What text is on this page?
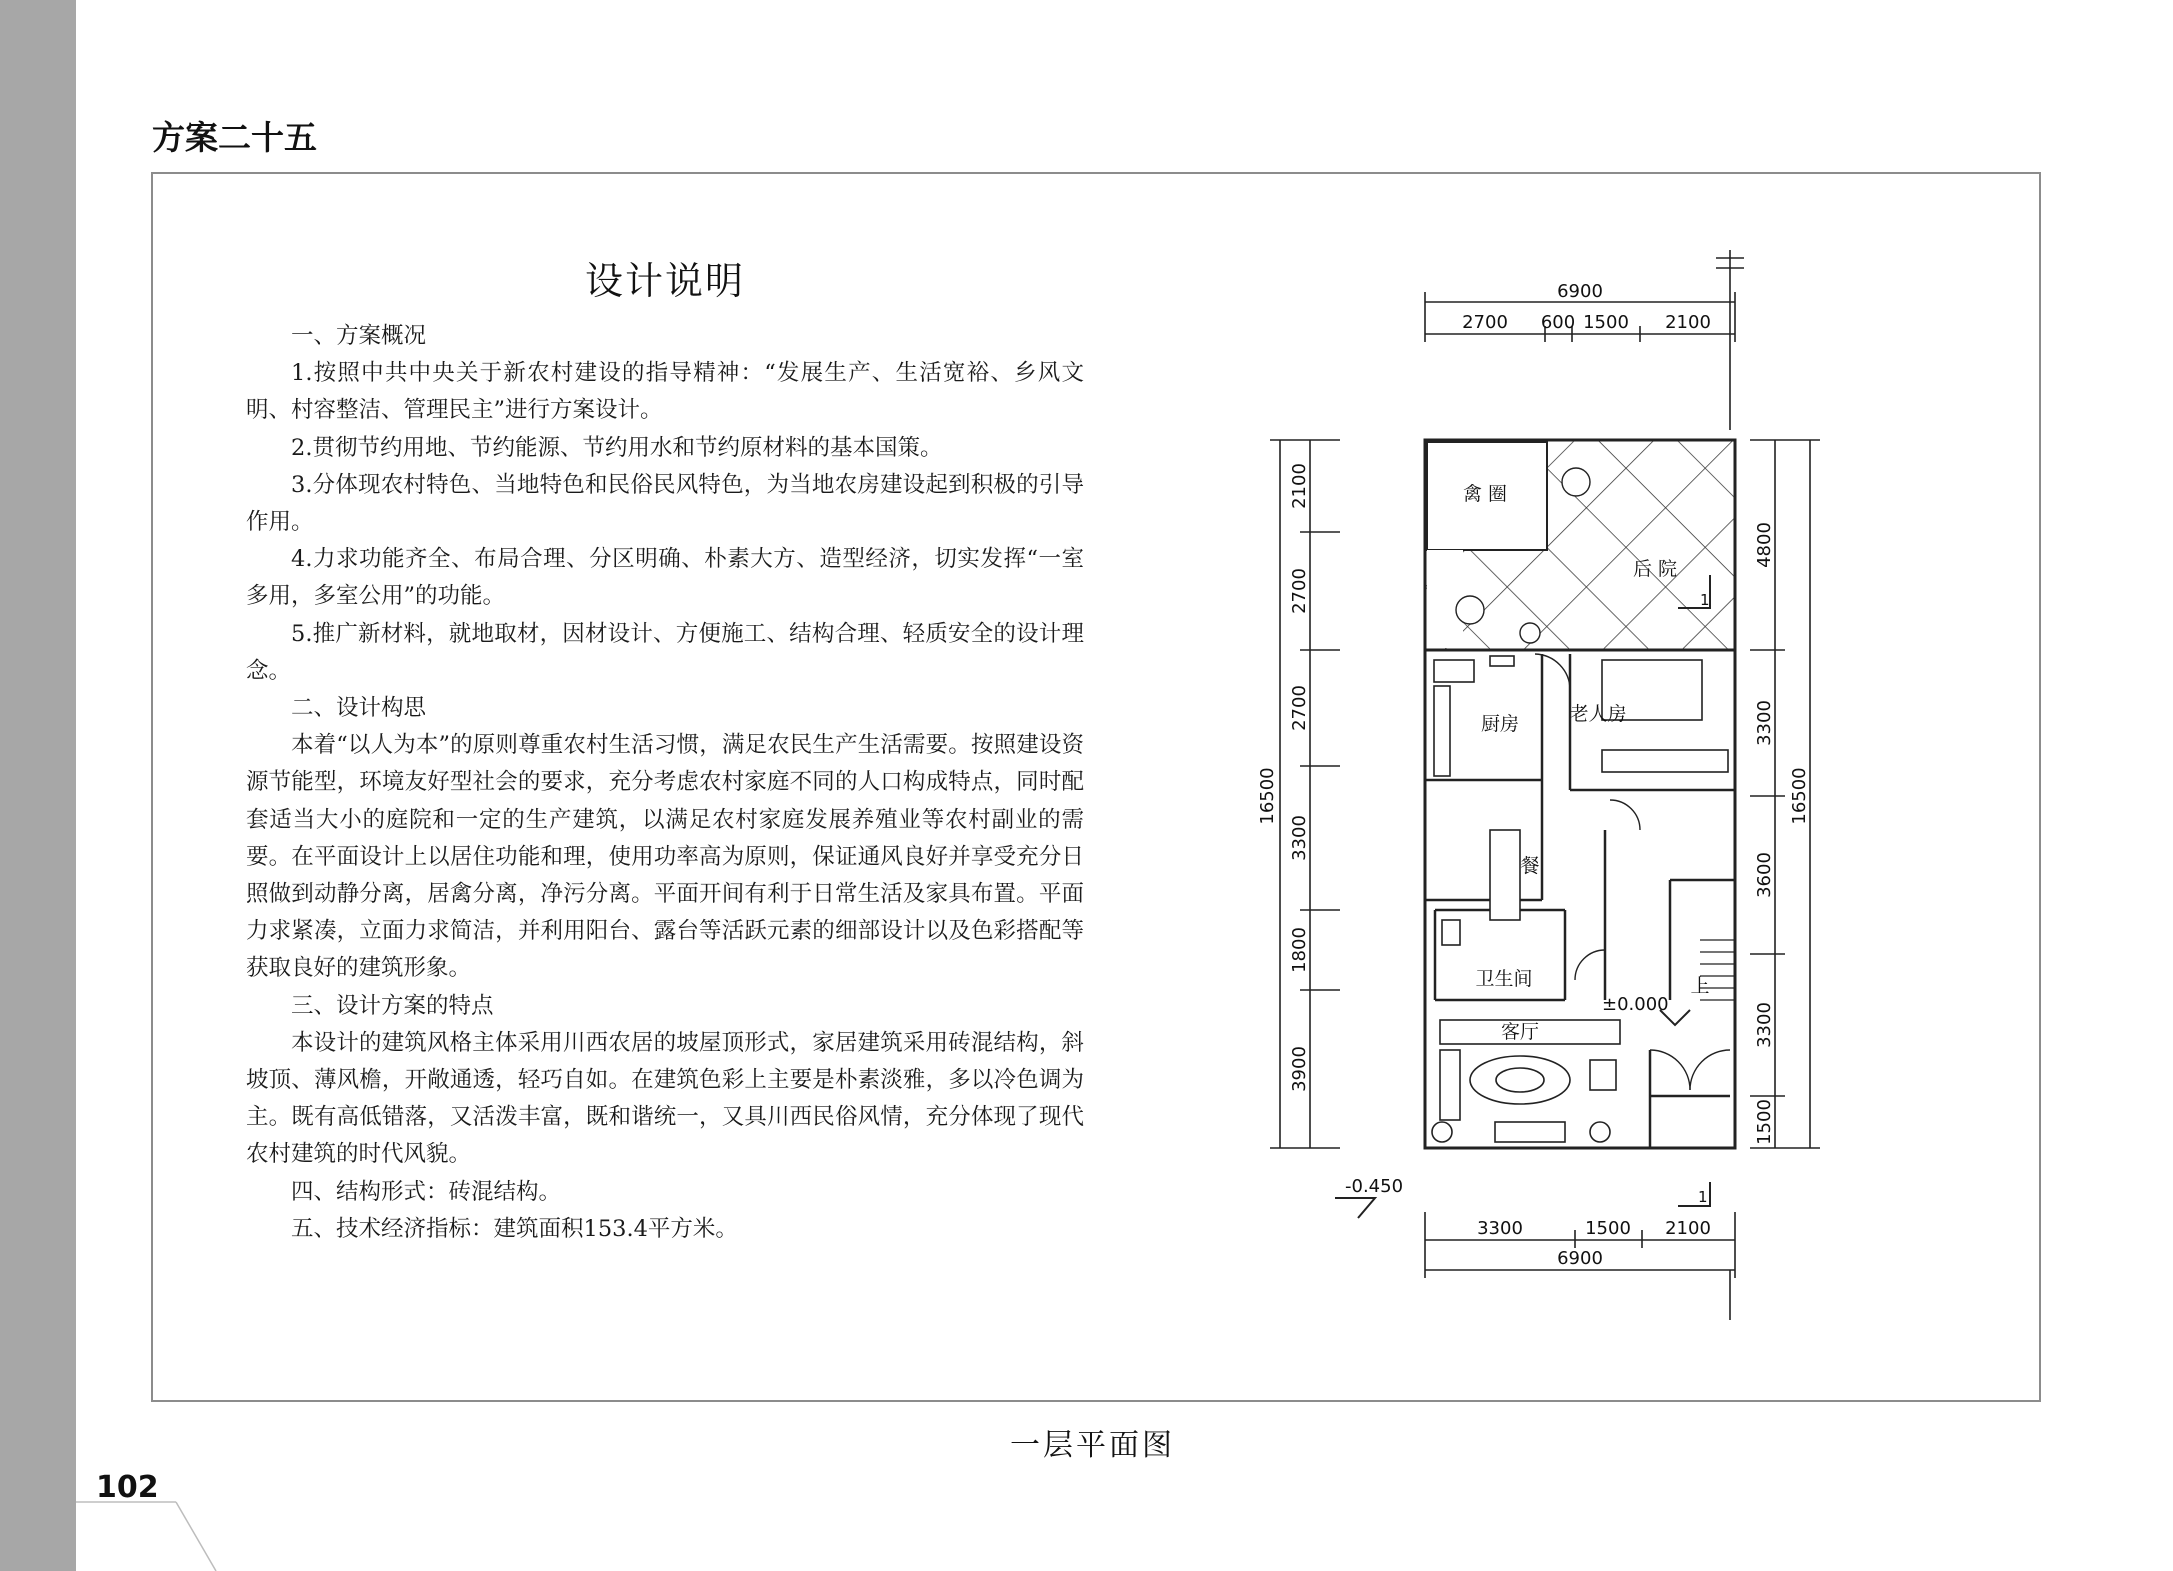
方案二十五
设计说明

一、方案概况

1.按照中共中央关于新农村建设的指导精神：“发展生产、生活宽裕、乡风文明、村容整洁、管理民主”进行方案设计。

2.贯彻节约用地、节约能源、节约用水和节约原材料的基本国策。

3.分体现农村特色、当地特色和民俗民风特色，为当地农房建设起到积极的引导作用。

4.力求功能齐全、布局合理、分区明确、朴素大方、造型经济，切实发挥“一室多用，多室公用”的功能。

5.推广新材料，就地取材，因材设计、方便施工、结构合理、轻质安全的设计理念。

二、设计构思

本着“以人为本”的原则尊重农村生活习惯，满足农民生产生活需要。按照建设资源节能型，环境友好型社会的要求，充分考虑农村家庭不同的人口构成特点，同时配套适当大小的庭院和一定的生产建筑，以满足农村家庭发展养殖业等农村副业的需要。在平面设计上以居住功能和理，使用功率高为原则，保证通风良好并享受充分日照做到动静分离，居禽分离，净污分离。平面开间有利于日常生活及家具布置。平面力求紧凑，立面力求简洁，并利用阳台、露台等活跃元素的细部设计以及色彩搭配等获取良好的建筑形象。

三、设计方案的特点

本设计的建筑风格主体采用川西农居的坡屋顶形式，家居建筑采用砖混结构，斜坡顶、薄风檐，开敞通透，轻巧自如。在建筑色彩上主要是朴素淡雅，多以冷色调为主。既有高低错落，又活泼丰富，既和谐统一，又具川西民俗风情，充分体现了现代农村建筑的时代风貌。

四、结构形式：砖混结构。

五、技术经济指标：建筑面积153.4平方米。

6900
2700 600 1500 2100
3300	1500 2100
6900
2100
2700
2700
3300
1800
3900
16500
禽 圈
后 院
厨房	老人房
餐
卫生间
客厅
上
±0.000
-0.450
1
1
4800
3300
3600
3300
1500
16500
一层平面图
102
